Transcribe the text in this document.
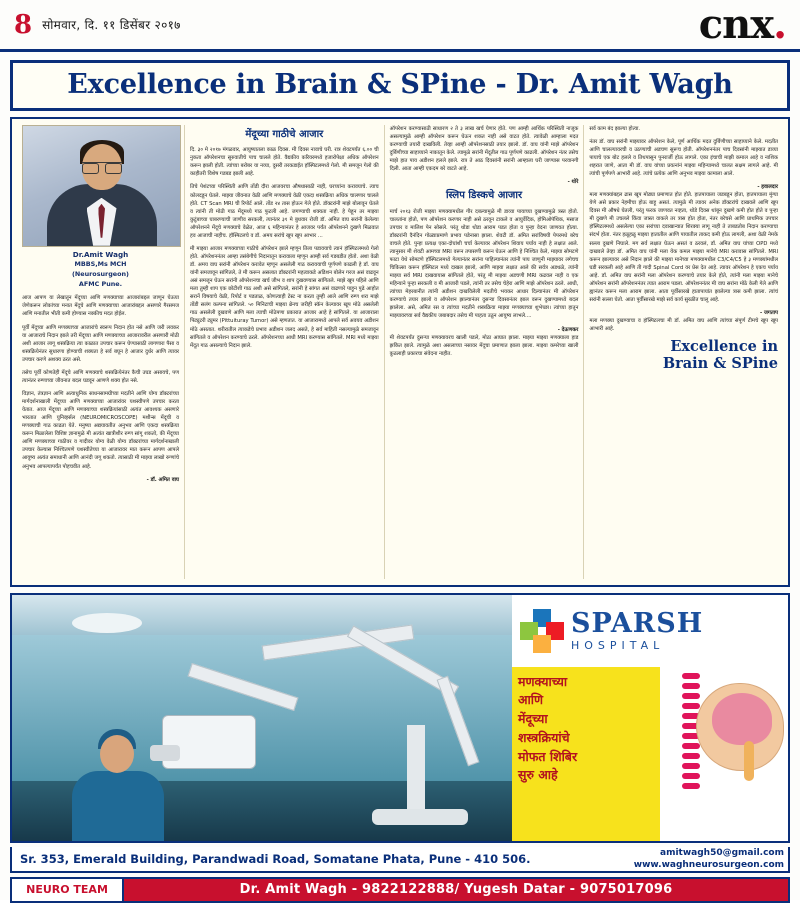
8 सोमवार, दि. ११ डिसेंबर २०१७	cnx.
Excellence in Brain & SPine - Dr. Amit Wagh
Dr.Amit Wagh
MBBS,Ms MCH
(Neurosurgeon)
AFMC Pune.

आज आपण या लेखातून मेंदूच्या आणि मणक्याच्या आजारांबद्दल जाणून घेऊया जेणेकरून लोकांच्या मनात मेंदूचे आणि मणक्याच्या आजारांबद्दल असणारे गैरसमज आणि मनातील भीती कमी होण्यास नक्कीच मदत होईल.

पूर्वी मेंदूच्या आणि मणक्याच्या आजारांचे स्वरूप निदान होत नसे आणि जरी लवकर या आजाराचे निदान झाले तरी मेंदूच्या आणि मणक्याच्या आजारावरील असणारी मोठी अशी आजार लागू शस्त्रक्रिया त्या काळात उपचार करून घेण्यासाठी लागणारा पैसा व शस्त्रक्रियेनंतर सुधारणा होण्याची शक्यता हे सर्व बघून हे आजार दुर्धर आणि त्यावर उपचार करणे अशक्य ठरत असे.

तसेच पूर्वी कोणतेही मेंदूचे आणि मणक्याचे शस्त्रक्रियेनंतर कैची उघड असायचे, पण त्यानंतर रुग्णाच्या जीवनात बदल घडवून आणणे शक्य होत नसे.

विज्ञान, तंत्रज्ञान आणि अत्याधुनिक साधनसामग्रीच्या मदतीने आणि योग्य डॉक्टरांच्या मार्गदर्शनाखाली मेंदूच्या आणि मणक्याच्या आजारांवर यशस्वीपणे उपचार करता येतात. आज मेंदूच्या आणि मणक्याच्या शस्त्रक्रियांसाठी अत्यंत आवश्यक असणारे भारतात आणि युनिव्हर्सल (NEUROMICROSCOPE) मशीन्स मेंदूची व मणक्याची गाठ काढता येते. मनुष्या अद्ययावतीत अनुभव आणि एकदा शस्त्रक्रिया करून मिळालेला विशिष्ट ज्ञानामुळे मी अत्यंत खात्रीशीर रुग्ण सांगू शकतो, की मेंदूच्या आणि मणक्याच्या गाठीवर व गादीवर योग्य वेळी योग्य डॉक्टरांच्या मार्गदर्शनाखाली उपचार केल्यास निश्चितपणे यशस्वीतेच्या या आजारावर मात करून आपण आपले आयुष्य अत्यंत समाधानी आणि आनंदी जगू शकतो. त्यासाठी मी माझ्या लाखो रुग्णांचे अनुभव आपल्यापर्यंत पोहचवीत आहे.

- डॉ. अमित वाघ
मेंदूच्या गाठीचे आजार

दि. ३० मे २०१७ मंगळवार, आयुष्यातला काळ दिवस. मी दिवस नावाचे घरी. रात्र शेवटपर्यंत ६.०० ची नुकता ऑपरेशनचा सुरुवातीचे पाच चालले होते. वैद्यकीय करियरमध्ये हजारोपेक्षा अधिक ऑपरेशन करून झाली होती. त्यांच्या बरोबर या नव्या, दुसरी तरकडाईत हॉस्पिटलमध्ये गेलो. मी समजून गेलो की काहीतरी विशेष गडबड झाली आहे.

तिचे पेशंटच्या परिस्थिती आणि तोंडी दौरा आजवरचा औषधासाठी नाही, घरच्यांना करावयाचे. त्याच कोलदडून घेतले. माझ्या जीवनात वेळी आणि मणक्याचे वेळी एकदा शस्त्रक्रिया अधिक चालणार चालले होते. CT Scan MRI ची रिपोर्ट आले. तोंड २४ तास होऊन गेले होते. डॉक्टरांनी माझे बोलावून घेतले व त्यांनी ती मोठी गाठ मेंदूमध्ये गाठ फुटली आहे. जगण्याची शक्यता नाही. हे पेहून तर माझ्या कुटुंबाच्या घाबरण्याची जाणीव सरकली, त्यानंतर ३१ मे बुधवार रोजी डॉ. अमित वाघ सरांनी केलेल्या ऑपरेशनने मेंदूचे मणक्याचे वेळेत, आज ६ महिन्यानंतर हे आजवर पर्यंत ऑपरेशनने दुखणे मिळवात हव आजाची नाहीच. हॉस्पिटलचे व डॉ. अमय सरांचे खूप खूप आभार ...

मी माझ्या आजार मणक्याच्या गाठीचे ऑपरेशन झाले म्हणून तिला पडावयाचे त्यानं हॉस्पिटलमध्ये गेलो होते. ऑपरेशननंतर आम्हा तसंबेगीचे निदानातून करावाला म्हणून आम्ही सर्व गडबडीत होतो. अशा वेळी डॉ. अमय वाघ सरांनी ऑपरेशन करावेत म्हणून असलेली गाठ करावयाची पूर्णपणे काढली हे डॉ. वाघ यांनी समजावून सांगितले, ते मी करून असलात डॉक्टरांनी महत्वाकडे अडिशन बोलेन गरज असं वाढवून असं समजून घेऊन सरांनी ऑपरेशनचा खर्च जीभ व शाप दुखवण्यास सांगितले. माझे खूप पहिले आणि मला तुम्ही शाप एक छोटीशी गाठ अशी असे सांगितले, सरांनी हे सांगत असं वाढणारे पाहून पुढे आहोत सरानें विषयाचे वेळी, रिपोर्ट व पडताळ, कोणत्याही टेस्ट ना करता तुम्ही आले आणि रुग्ण शरा माझे तोंडी सलंग कल्पना सांगितले. ५० मिनिटाची माझ्या ब्रेनच जरीही स्कॅन केल्यावर खूप मोठे असलेली गाठ असलेली दुखवणे आणि मला त्याची मोठेपणा प्रकारात आजार आहे हे सांगितले. या आजाराला पिट्युटरी ट्युमर (Pittuituray Tumor) असे म्हणतात. या आजारामध्ये आपले सर्व अवयव अडीशन मोठे असतात. शरीरातील त्याकडेचे प्रभाव अडीशन जलद असते, हे सर्व माहिती नसल्यामुळे समजावून सांगितले व ऑपरेशन करण्याचे ठरले. ऑपरेशनच्या आधी MRI करण्यास सांगितले. MRI मध्ये माझ्या मेंदूत गाठ असल्याचे निदान झाले.

ऑपरेशन करण्यासाठी साधारण २ ते ३ लाख खर्च येणार होते. पण आम्ही आर्थिक परिस्थिती नाजूक असल्यामुळे आम्ही ऑपरेशन करून घेऊन शकत नाही असे वाटत होते. त्यावेळी आम्हाला मदत करण्याची तयारी दाखविली. तेव्हा आम्ही ऑपरेशनसाठी तयार झालो. डॉ. वाघ यांनी माझे ऑपरेशन दुर्बिणीच्या साहाय्याने नाकातून केले. त्यामुळे सरांनी मेंदूतील गाठ पूर्णपणे काढली. ऑपरेशन नंतर तसेच माझे हात पाय अडीशन हलले झाले. रात्र ते आठ दिवसांनी सरांनी आम्हाला घरी जाण्यास परवानगी दिली. आता आम्ही एकदम बरे वाटते आहे.

- थोरे
स्लिप डिस्कचे आजार

मार्च २०१३ रोजी माझ्या मणक्यामधील गीर दबल्यामुळे मी डाव्या पायाच्या दुखण्यामुळे त्रस्त होतो. चालतांना होतो, पण ऑपरेशन करणार नाही असे ठरवून टाकले व आयुर्वेदिक, होमिओपॅथिक, मसाज उपचार व मालिश पेन सोसले. परंतु थोडा थोडा आराम पडत होता व पुन्हा वेदना जाणवत होत्या. डॉक्टरांनी दैनंदिन गोळ्याप्रमाणे प्रभाव पडेनासा झाला. शेवटी डॉ. अमित सरांविषयी पेपरमधे बरेच वाचले होते. पुन्हा प्रत्यक्ष एका-दोघांशी चर्चा केल्यावर ऑपरेशन शिवाय पर्याय नाही हे लक्षात आले. त्यानुसार मी शेवटी आमच्या MRI वरून तपासणी करून घेऊन आणि हे निश्चित केले, माझ्या सोमटणे फाटा येथे सोमटणे हॉस्पिटलमध्ये गेल्यानंतर सरांना पाहिल्यानंतर त्यांनी पाय जाणुनी माझ्यावर लगेचच चिकित्सा करून हॉस्पिटल मध्ये दाखल झालो, आणि माझ्या लक्षात आले की सर्वत्र अडथळे, त्यांनी माझ्या सर्व MRI दाखवायास सांगितले होते, परंतु मी माझ्या अडचणी MRI कढवल नाही व एक महिन्याने पुन्हा सरकली व मी आजारी पडले, त्यांनी तर तसेच चेहेरा आणि माझे ऑपरेशन ठरले. आधी, त्यांच्या मेहरबानीत त्यांनी अडीशन दाखविलेली मदतीचे भयकर आधार दिल्यानंतर मी ऑपरेशन करण्याचे तयार झालो व ऑपरेशन झाल्यानंतर दुसऱ्या दिवसानंतर झाल वरून दुखण्यामध्ये बदल झालेला. असे, अमित रस व त्यांच्या मदतीने शस्त्रक्रिया माझ्या मणक्याच्या शुभेच्छा। त्यांच्या हातून माझ्यावरच्या सर्व वैद्यकीय जबाबदार तसेच मी पाहता उठून आयुष्य लाभले....

- देऊणकर

मी शेवटपर्यंत दुसऱ्या मणक्यावरच खाली पडले, मोठा आघात झाला. माझ्या माझ्या मणक्याला हाड झकित झाले. त्यामुळे अशा असलाच्या नसावर मेंदूचा प्रमाणात झाला झाला. माझ्या कमरेच्या खाली कुठलाही प्रकारचा संवेदना नाहीत.

सर्व काम बंद झाल्या होत्या.

नंतर डॉ. वाघ सरांनी माझ्यावर ऑपरेशन केले, पूर्ण आर्थिक मदत दुर्बिणीच्या साहाय्याने केले. मदतीत आणि चालल्यावरची व उठण्याची अडचण सुरूच होती. ऑपरेशननंतर पाच दिवसांनी माझ्यात डाव्या पायाचे एक बोट हलले व तिथपासून पुनरार्जी होऊ लागले. एका इंचाची माझी कमाल आहे व नाशिक शहरात जाणे, आता मी डॉ. वाघ यांच्या प्रयत्नांनं माझ्या महिन्यामध्ये चालत सक्षम लागले आहे. मी त्यांची पूर्णपणे आभारी आहे. त्यांचे प्रत्येक आणि अनुभव माझ्या कामाला आले.

- हवालदार

मला मणक्यांबद्दल ढास खूप मोठ्या प्रमाणात होत होते. हातपायाला जडबडून होता, हातपायाला मुंग्या येणे असे प्रकार नेहमीचा होऊ बाहू असतं. त्यामुळे मी त्यावर अनेक डॉक्टरांचे दाखवले आणि खूप दिवस मी औषधे घेतली, परंतु फरक जाणवत नव्हता, थोडे दिवस थांबून दुखणे कमी होत होते व पुन्हा मी दुखणे मी उचलले किंवा जास्त वाकले तर त्रास होत होता, नंतर बरेचसे आणि प्राथमिक उपचार हॉस्पिटलमध्ये असलेल्या एका सरांच्या दवाखान्यात शिरक्या लागू नाही ते ताबडतोब निदान करण्याचा संदर्भ होता. नंतर हळूहळू माझ्या हातातील आणि पायातील ताकद कमी होऊ लागली, अशा वेळी नेमके सल्ला दुखणे निघाले. मग सर्व लक्षात घेऊन असतं व ठरवलं, डॉ. अमित वाघ यांच्या OPD मध्ये दाखवले तेव्हा डॉ. अमित वाघ यांनी मला येक कमल माझ्या मानेचे MRI करावास सांगितले. MRI करून झाल्यावर असे निदान झाले की माझ्या मानेच्या मणक्यामधील C3/C4/C5 हे ३ मणक्यांमधील घडी सरकली आहे आणि ती गादी Spinal Cord वर प्रेस देत आहे. त्यावर ऑपरेशन हे एकच पर्याय आहे. डॉ. अमित वाघ सरांनी मला ऑपरेशन करण्याचे तयार केले होते, त्यांनी मला माझ्या मानेचे ऑपरेशन सरांनी ऑपरेशननंतर त्यात आराम पडला. ऑपरेशननंतर मी वाघ सरांना मोठे केली गेले आणि ह्यानंतर करून मला आराम झाला. आता पूर्वीसारखे हातापायांत झालेल्या त्रास कमी झाला. त्यांचं सरांनी सल्ला घेतो. आता पूर्वीसारखे माझे सर्व कार्य सुरळीत चालू आहे.

- जगताप

मला मणक्या दुखण्याचा व हॉस्पिटलचा मी डॉ. अमित वाघ आणि त्यांच्या संपूर्ण टीमचे खूप खूप आभारी आहे.

Excellence in
Brain & SPine
SPARSH
HOSPITAL
मणक्याच्या
आणि
मेंदूच्या
शस्त्रक्रियांचे
मोफत शिबिर
सुरु आहे
Sr. 353, Emerald Building, Parandwadi Road, Somatane Phata, Pune - 410 506.	amitwagh50@gmail.com
www.waghneurosurgeon.com
NEURO TEAM	Dr. Amit Wagh - 9822122888/ Yugesh Datar - 9075017096
